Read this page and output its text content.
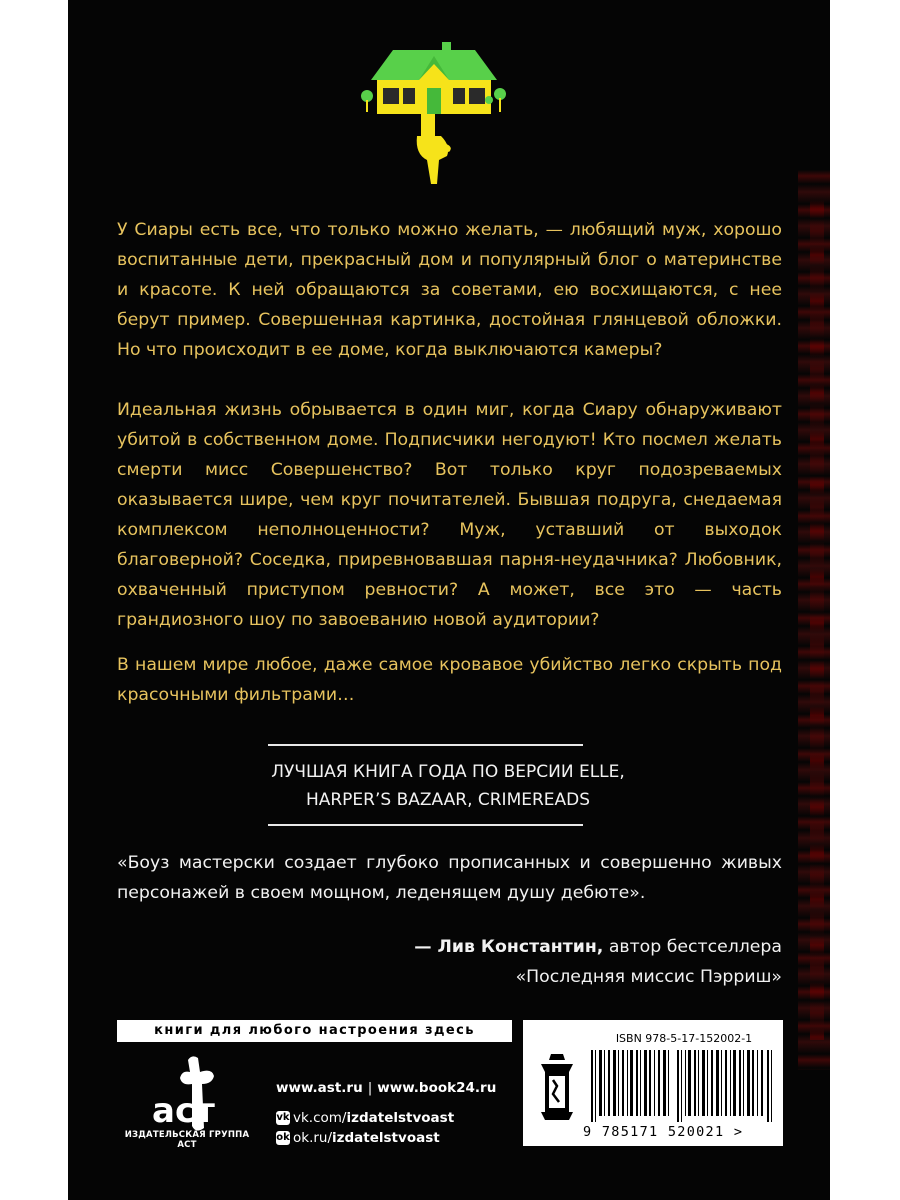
У Сиары есть все, что только можно желать, — любящий муж, хорошо воспитанные дети, прекрасный дом и популярный блог о материнстве и красоте. К ней обращаются за советами, ею восхищаются, с нее берут пример. Совершенная картинка, достойная глянцевой обложки. Но что происходит в ее доме, когда выключаются камеры?

Идеальная жизнь обрывается в один миг, когда Сиару обнаруживают убитой в собственном доме. Подписчики негодуют! Кто посмел желать смерти мисс Совершенство? Вот только круг подозреваемых оказывается шире, чем круг почитателей. Бывшая подруга, снедаемая комплексом неполноценности? Муж, уставший от выходок благоверной? Соседка, приревновавшая парня-неудачника? Любовник, охваченный приступом ревности? А может, все это — часть грандиозного шоу по завоеванию новой аудитории?

В нашем мире любое, даже самое кровавое убийство легко скрыть под красочными фильтрами…

ЛУЧШАЯ КНИГА ГОДА ПО ВЕРСИИ ELLE,
HARPER’S BAZAAR, CRIMEREADS

«Боуз мастерски создает глубоко прописанных и совершенно живых персонажей в своем мощном, леденящем душу дебюте».

— Лив Константин, автор бестселлера
«Последняя миссис Пэрриш»
книги для любого настроения здесь
аст
ИЗДАТЕЛЬСКАЯ ГРУППА АСТ
www.ast.ru | www.book24.ru
vk vk.com/izdatelstvoast
ok ok.ru/izdatelstvoast
ISBN 978-5-17-152002-1
9 785171 520021 >
